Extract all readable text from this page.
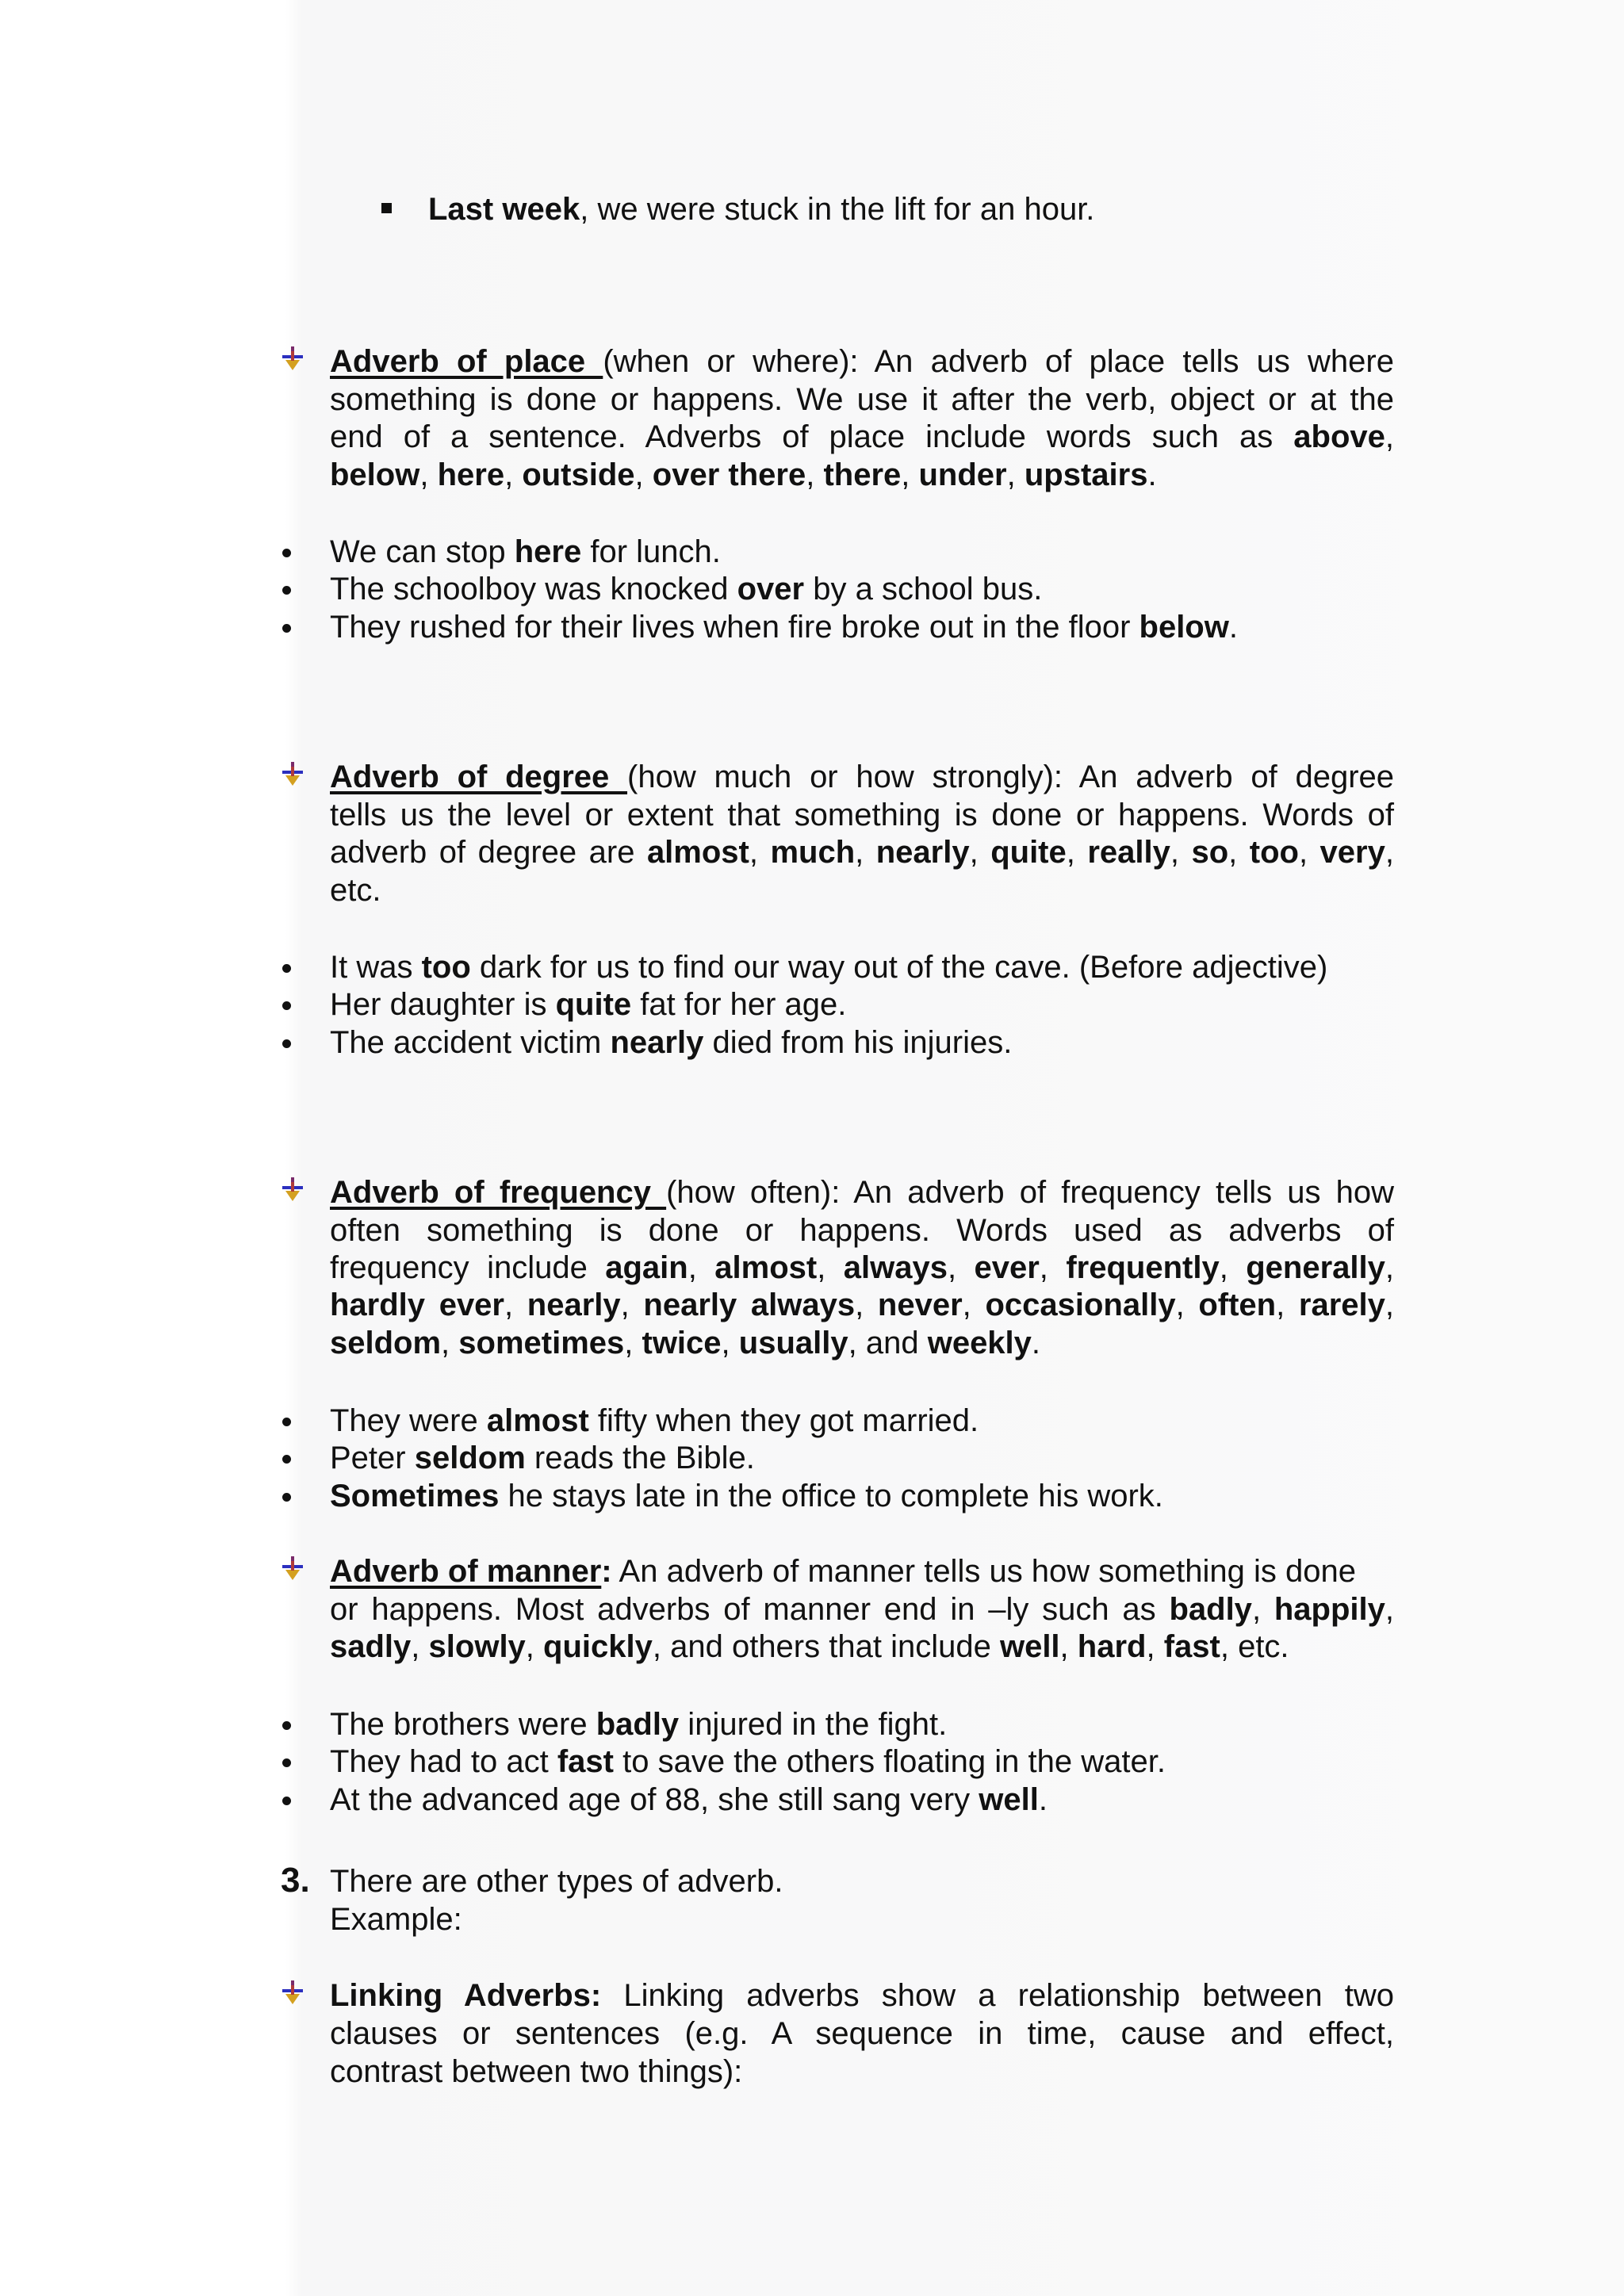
Last week, we were stuck in the lift for an hour.
Adverb of place (when or where): An adverb of place tells us where
something is done or happens. We use it after the verb, object or at the
end of a sentence. Adverbs of place include words such as above,
below, here, outside, over there, there, under, upstairs.
We can stop here for lunch.
The schoolboy was knocked over by a school bus.
They rushed for their lives when fire broke out in the floor below.
Adverb of degree (how much or how strongly): An adverb of degree
tells us the level or extent that something is done or happens. Words of
adverb of degree are almost, much, nearly, quite, really, so, too, very,
etc.
It was too dark for us to find our way out of the cave. (Before adjective)
Her daughter is quite fat for her age.
The accident victim nearly died from his injuries.
Adverb of frequency (how often): An adverb of frequency tells us how
often something is done or happens. Words used as adverbs of
frequency include again, almost, always, ever, frequently, generally,
hardly ever, nearly, nearly always, never, occasionally, often, rarely,
seldom, sometimes, twice, usually, and weekly.
They were almost fifty when they got married.
Peter seldom reads the Bible.
Sometimes he stays late in the office to complete his work.
Adverb of manner: An adverb of manner tells us how something is done
or happens. Most adverbs of manner end in –ly such as badly, happily,
sadly, slowly, quickly, and others that include well, hard, fast, etc.
The brothers were badly injured in the fight.
They had to act fast to save the others floating in the water.
At the advanced age of 88, she still sang very well.
3. There are other types of adverb.
Example:
Linking Adverbs: Linking adverbs show a relationship between two
clauses or sentences (e.g. A sequence in time, cause and effect,
contrast between two things):
